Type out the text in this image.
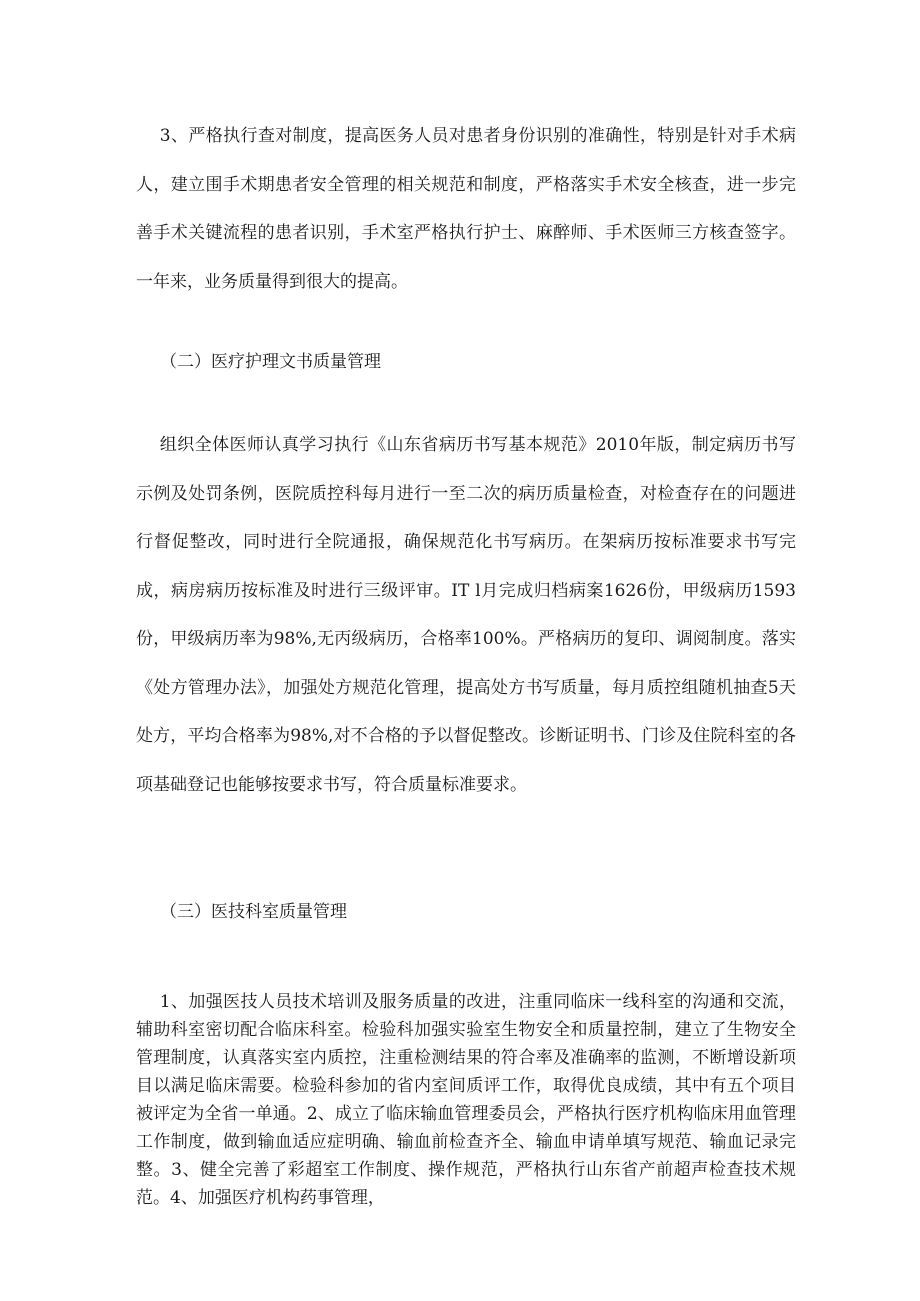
3、严格执行查对制度，提高医务人员对患者身份识别的准确性，特别是针对手术病人，建立围手术期患者安全管理的相关规范和制度，严格落实手术安全核查，进一步完善手术关键流程的患者识别，手术室严格执行护士、麻醉师、手术医师三方核查签字。一年来，业务质量得到很大的提高。

（二）医疗护理文书质量管理

组织全体医师认真学习执行《山东省病历书写基本规范》2010年版，制定病历书写示例及处罚条例，医院质控科每月进行一至二次的病历质量检查，对检查存在的问题进行督促整改，同时进行全院通报，确保规范化书写病历。在架病历按标准要求书写完成，病房病历按标准及时进行三级评审。IT l月完成归档病案1626份，甲级病历1593份，甲级病历率为98%,无丙级病历，合格率100%。严格病历的复印、调阅制度。落实《处方管理办法》，加强处方规范化管理，提高处方书写质量，每月质控组随机抽查5天处方，平均合格率为98%,对不合格的予以督促整改。诊断证明书、门诊及住院科室的各项基础登记也能够按要求书写，符合质量标准要求。

（三）医技科室质量管理

1、加强医技人员技术培训及服务质量的改进，注重同临床一线科室的沟通和交流，辅助科室密切配合临床科室。检验科加强实验室生物安全和质量控制，建立了生物安全管理制度，认真落实室内质控，注重检测结果的符合率及准确率的监测，不断增设新项目以满足临床需要。检验科参加的省内室间质评工作，取得优良成绩，其中有五个项目被评定为全省一单通。2、成立了临床输血管理委员会，严格执行医疗机构临床用血管理工作制度，做到输血适应症明确、输血前检查齐全、输血申请单填写规范、输血记录完整。3、健全完善了彩超室工作制度、操作规范，严格执行山东省产前超声检查技术规范。4、加强医疗机构药事管理，
